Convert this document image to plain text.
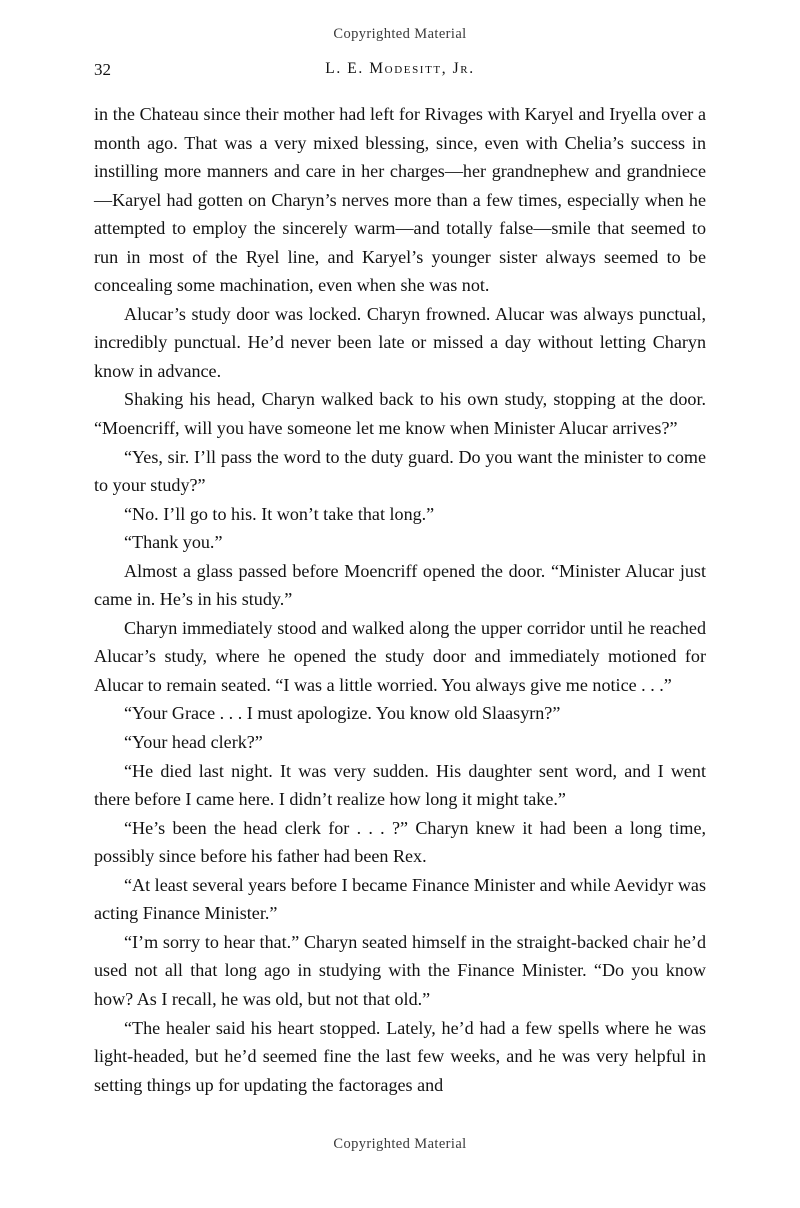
Copyrighted Material
32	L. E. Modesitt, Jr.

in the Chateau since their mother had left for Rivages with Karyel and Iryella over a month ago. That was a very mixed blessing, since, even with Chelia’s success in instilling more manners and care in her charges—her grandnephew and grandniece—Karyel had gotten on Charyn’s nerves more than a few times, especially when he attempted to employ the sincerely warm—and totally false—smile that seemed to run in most of the Ryel line, and Karyel’s younger sister always seemed to be concealing some machination, even when she was not.

Alucar’s study door was locked. Charyn frowned. Alucar was always punctual, incredibly punctual. He’d never been late or missed a day without letting Charyn know in advance.

Shaking his head, Charyn walked back to his own study, stopping at the door. “Moencriff, will you have someone let me know when Minister Alucar arrives?”

“Yes, sir. I’ll pass the word to the duty guard. Do you want the minister to come to your study?”

“No. I’ll go to his. It won’t take that long.”

“Thank you.”

Almost a glass passed before Moencriff opened the door. “Minister Alucar just came in. He’s in his study.”

Charyn immediately stood and walked along the upper corridor until he reached Alucar’s study, where he opened the study door and immediately motioned for Alucar to remain seated. “I was a little worried. You always give me notice . . .”

“Your Grace . . . I must apologize. You know old Slaasyrn?”

“Your head clerk?”

“He died last night. It was very sudden. His daughter sent word, and I went there before I came here. I didn’t realize how long it might take.”

“He’s been the head clerk for . . . ?” Charyn knew it had been a long time, possibly since before his father had been Rex.

“At least several years before I became Finance Minister and while Aevidyr was acting Finance Minister.”

“I’m sorry to hear that.” Charyn seated himself in the straight-backed chair he’d used not all that long ago in studying with the Finance Minister. “Do you know how? As I recall, he was old, but not that old.”

“The healer said his heart stopped. Lately, he’d had a few spells where he was light-headed, but he’d seemed fine the last few weeks, and he was very helpful in setting things up for updating the factorages and

Copyrighted Material
